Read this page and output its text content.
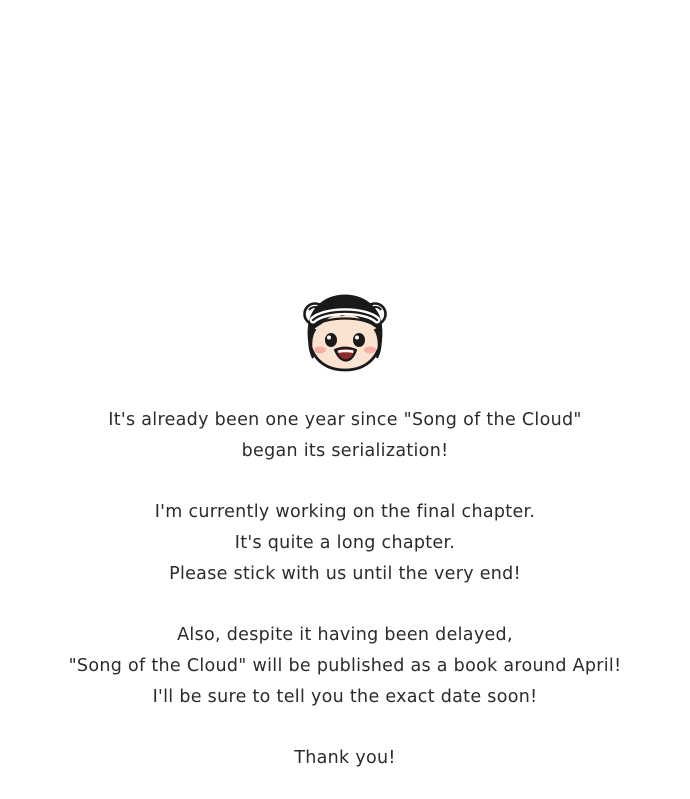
It's already been one year since "Song of the Cloud"
began its serialization!

I'm currently working on the final chapter.
It's quite a long chapter.
Please stick with us until the very end!

Also, despite it having been delayed,
"Song of the Cloud" will be published as a book around April!
I'll be sure to tell you the exact date soon!

Thank you!
